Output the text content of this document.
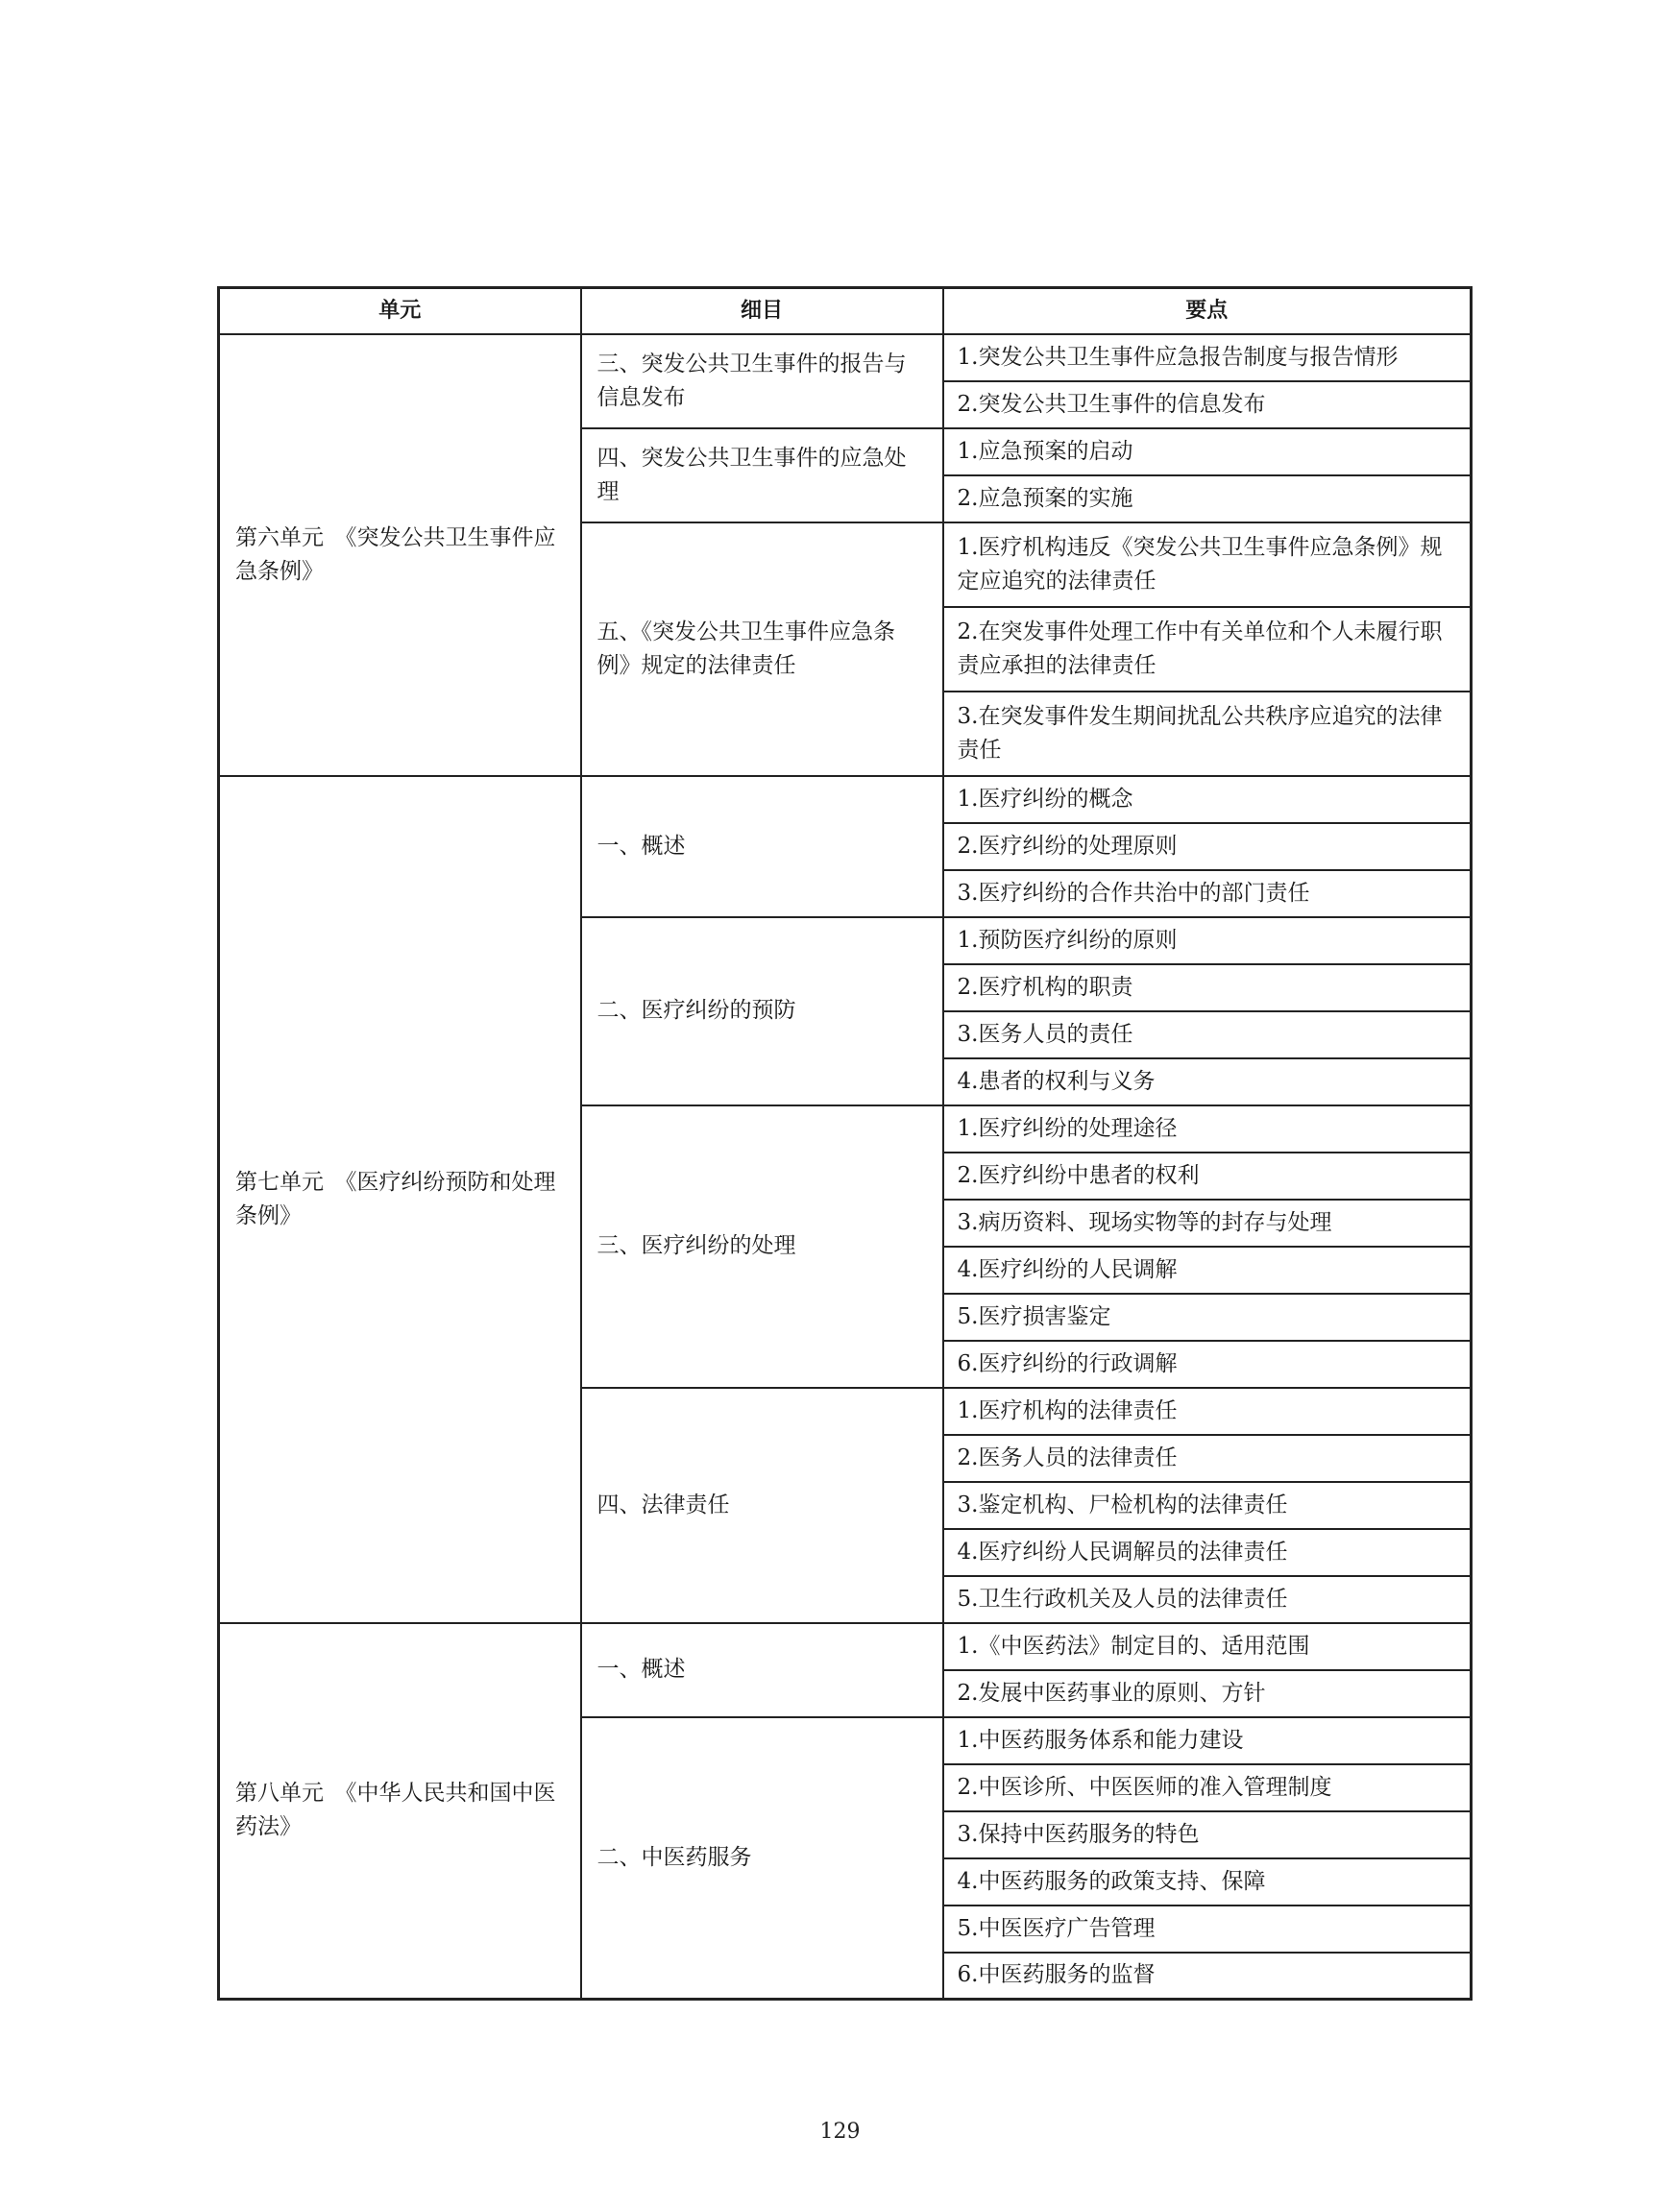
单元	细目	要点
第六单元　《突发公共卫生事件应急条例》	三、突发公共卫生事件的报告与信息发布	1.突发公共卫生事件应急报告制度与报告情形
		2.突发公共卫生事件的信息发布
	四、突发公共卫生事件的应急处理	1.应急预案的启动
		2.应急预案的实施
	五、《突发公共卫生事件应急条例》规定的法律责任	1.医疗机构违反《突发公共卫生事件应急条例》规定应追究的法律责任
		2.在突发事件处理工作中有关单位和个人未履行职责应承担的法律责任
		3.在突发事件发生期间扰乱公共秩序应追究的法律责任
第七单元　《医疗纠纷预防和处理条例》	一、概述	1.医疗纠纷的概念
		2.医疗纠纷的处理原则
		3.医疗纠纷的合作共治中的部门责任
	二、医疗纠纷的预防	1.预防医疗纠纷的原则
		2.医疗机构的职责
		3.医务人员的责任
		4.患者的权利与义务
	三、医疗纠纷的处理	1.医疗纠纷的处理途径
		2.医疗纠纷中患者的权利
		3.病历资料、现场实物等的封存与处理
		4.医疗纠纷的人民调解
		5.医疗损害鉴定
		6.医疗纠纷的行政调解
	四、法律责任	1.医疗机构的法律责任
		2.医务人员的法律责任
		3.鉴定机构、尸检机构的法律责任
		4.医疗纠纷人民调解员的法律责任
		5.卫生行政机关及人员的法律责任
第八单元　《中华人民共和国中医药法》	一、概述	1.《中医药法》制定目的、适用范围
		2.发展中医药事业的原则、方针
	二、中医药服务	1.中医药服务体系和能力建设
		2.中医诊所、中医医师的准入管理制度
		3.保持中医药服务的特色
		4.中医药服务的政策支持、保障
		5.中医医疗广告管理
		6.中医药服务的监督
129
